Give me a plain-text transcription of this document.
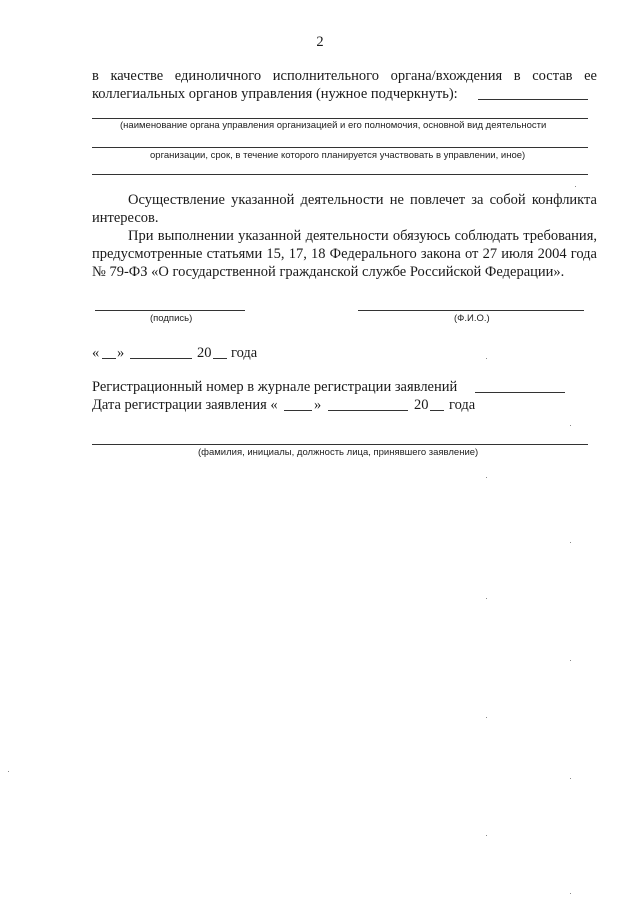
2
в качестве единоличного исполнительного органа/вхождения в состав ее
коллегиальных органов управления (нужное подчеркнуть):
(наименование органа управления организацией и его полномочия, основной вид деятельности
организации, срок, в течение которого планируется участвовать в управлении, иное)
Осуществление указанной деятельности не повлечет за собой конфликта
интересов.
При выполнении указанной деятельности обязуюсь соблюдать требования,
предусмотренные статьями 15, 17, 18 Федерального закона от 27 июля 2004 года
№ 79-ФЗ «О государственной гражданской службе Российской Федерации».
(подпись)	(Ф.И.О.)
« »	20 года
Регистрационный номер в журнале регистрации заявлений
Дата регистрации заявления «	»	20 года
(фамилия, инициалы, должность лица, принявшего заявление)
